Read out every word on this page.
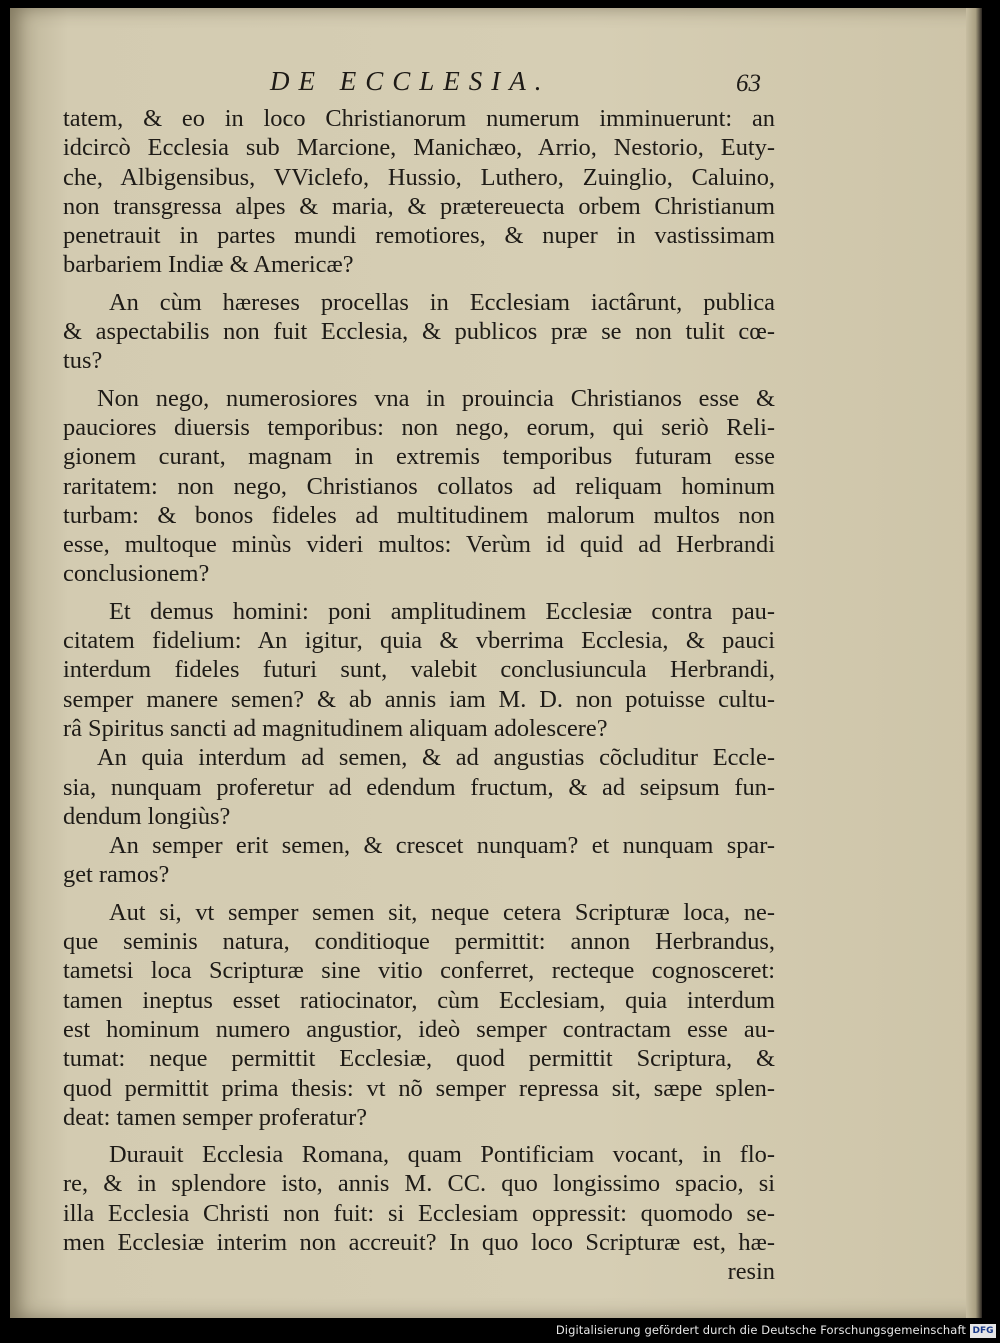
DE ECCLESIA.	63
tatem, & eo in loco Christianorum numerum imminuerunt: an
idcircò Ecclesia sub Marcione, Manichæo, Arrio, Nestorio, Euty-
che, Albigensibus, VViclefo, Hussio, Luthero, Zuinglio, Caluino,
non transgressa alpes & maria, & prætereuecta orbem Christianum
penetrauit in partes mundi remotiores, & nuper in vastissimam
barbariem Indiæ & Americæ?
An cùm hæreses procellas in Ecclesiam iactârunt, publica
& aspectabilis non fuit Ecclesia, & publicos præ se non tulit cœ-
tus?
Non nego, numerosiores vna in prouincia Christianos esse &
pauciores diuersis temporibus: non nego, eorum, qui seriò Reli-
gionem curant, magnam in extremis temporibus futuram esse
raritatem: non nego, Christianos collatos ad reliquam hominum
turbam: & bonos fideles ad multitudinem malorum multos non
esse, multoque minùs videri multos: Verùm id quid ad Herbrandi
conclusionem?
Et demus homini: poni amplitudinem Ecclesiæ contra pau-
citatem fidelium: An igitur, quia & vberrima Ecclesia, & pauci
interdum fideles futuri sunt, valebit conclusiuncula Herbrandi,
semper manere semen? & ab annis iam M. D. non potuisse cultu-
râ Spiritus sancti ad magnitudinem aliquam adolescere?
An quia interdum ad semen, & ad angustias cõcluditur Eccle-
sia, nunquam proferetur ad edendum fructum, & ad seipsum fun-
dendum longiùs?
An semper erit semen, & crescet nunquam? et nunquam spar-
get ramos?
Aut si, vt semper semen sit, neque cetera Scripturæ loca, ne-
que seminis natura, conditioque permittit: annon Herbrandus,
tametsi loca Scripturæ sine vitio conferret, recteque cognosceret:
tamen ineptus esset ratiocinator, cùm Ecclesiam, quia interdum
est hominum numero angustior, ideò semper contractam esse au-
tumat: neque permittit Ecclesiæ, quod permittit Scriptura, &
quod permittit prima thesis: vt nõ semper repressa sit, sæpe splen-
deat: tamen semper proferatur?
Durauit Ecclesia Romana, quam Pontificiam vocant, in flo-
re, & in splendore isto, annis M. CC. quo longissimo spacio, si
illa Ecclesia Christi non fuit: si Ecclesiam oppressit: quomodo se-
men Ecclesiæ interim non accreuit? In quo loco Scripturæ est, hæ-
resin
Digitalisierung gefördert durch die Deutsche Forschungsgemeinschaft DFG
